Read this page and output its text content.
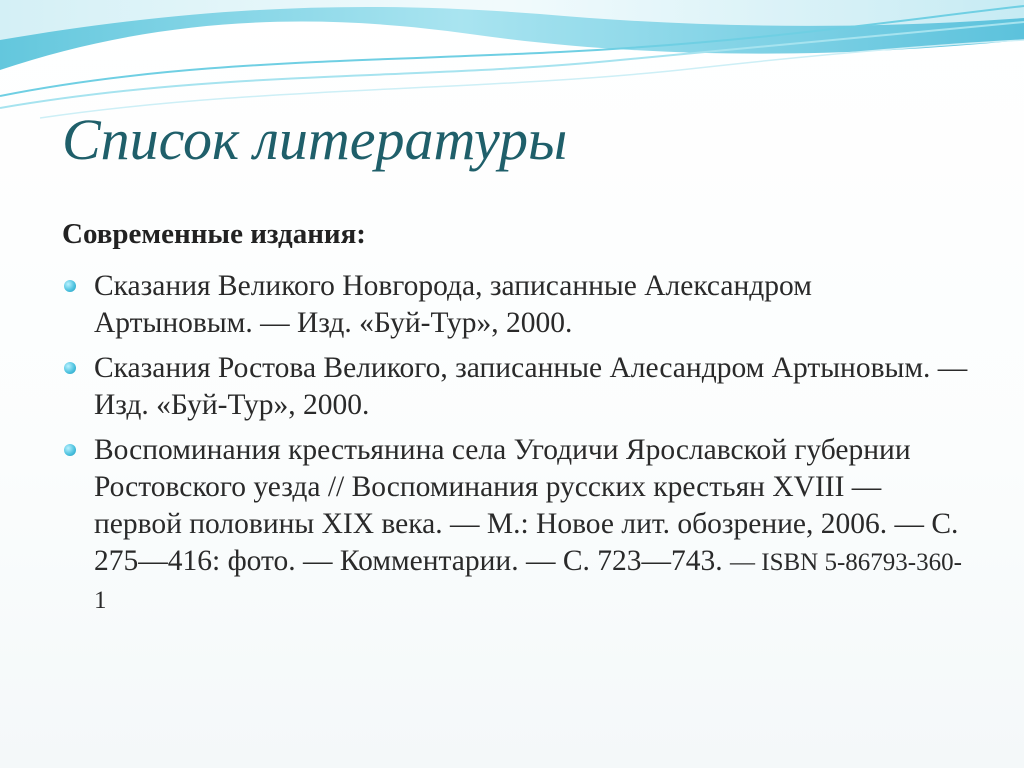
Список литературы
Современные издания:
Сказания Великого Новгорода, записанные Александром Артыновым. — Изд. «Буй-Тур», 2000.
Сказания Ростова Великого, записанные Алесандром Артыновым. — Изд. «Буй-Тур», 2000.
Воспоминания крестьянина села Угодичи Ярославской губернии Ростовского уезда // Воспоминания русских крестьян XVIII — первой половины XIX века. — М.: Новое лит. обозрение, 2006. — С. 275—416: фото. — Комментарии. — С. 723—743. — ISBN 5-86793-360-1
